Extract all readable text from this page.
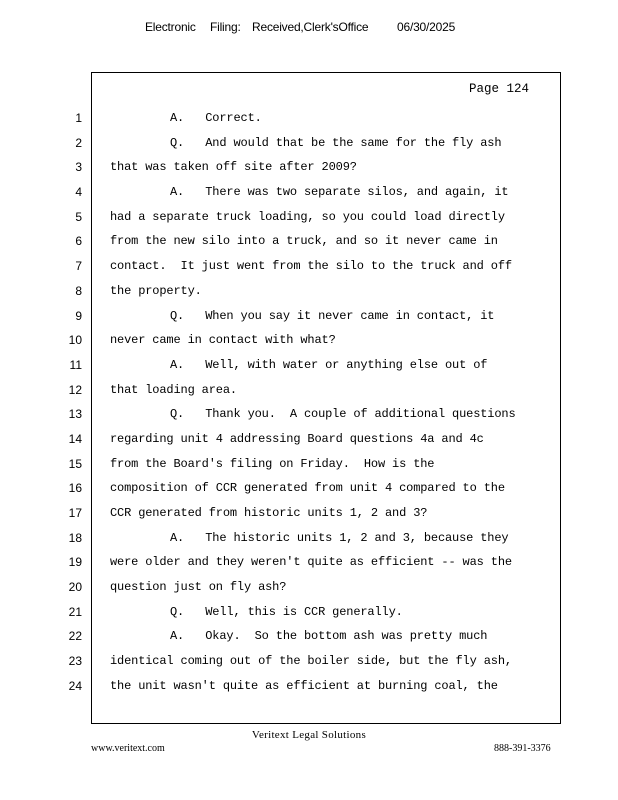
Electronic Filing: Received,Clerk'sOffice 06/30/2025
Page 124
1	A.   Correct.
2	Q.   And would that be the same for the fly ash
3 that was taken off site after 2009?
4	A.   There was two separate silos, and again, it
5 had a separate truck loading, so you could load directly
6 from the new silo into a truck, and so it never came in
7 contact.  It just went from the silo to the truck and off
8 the property.
9	Q.   When you say it never came in contact, it
10 never came in contact with what?
11	A.   Well, with water or anything else out of
12 that loading area.
13	Q.   Thank you.  A couple of additional questions
14 regarding unit 4 addressing Board questions 4a and 4c
15 from the Board's filing on Friday.  How is the
16 composition of CCR generated from unit 4 compared to the
17 CCR generated from historic units 1, 2 and 3?
18	A.   The historic units 1, 2 and 3, because they
19 were older and they weren't quite as efficient -- was the
20 question just on fly ash?
21	Q.   Well, this is CCR generally.
22	A.   Okay.  So the bottom ash was pretty much
23 identical coming out of the boiler side, but the fly ash,
24 the unit wasn't quite as efficient at burning coal, the
Veritext Legal Solutions
www.veritext.com	888-391-3376
